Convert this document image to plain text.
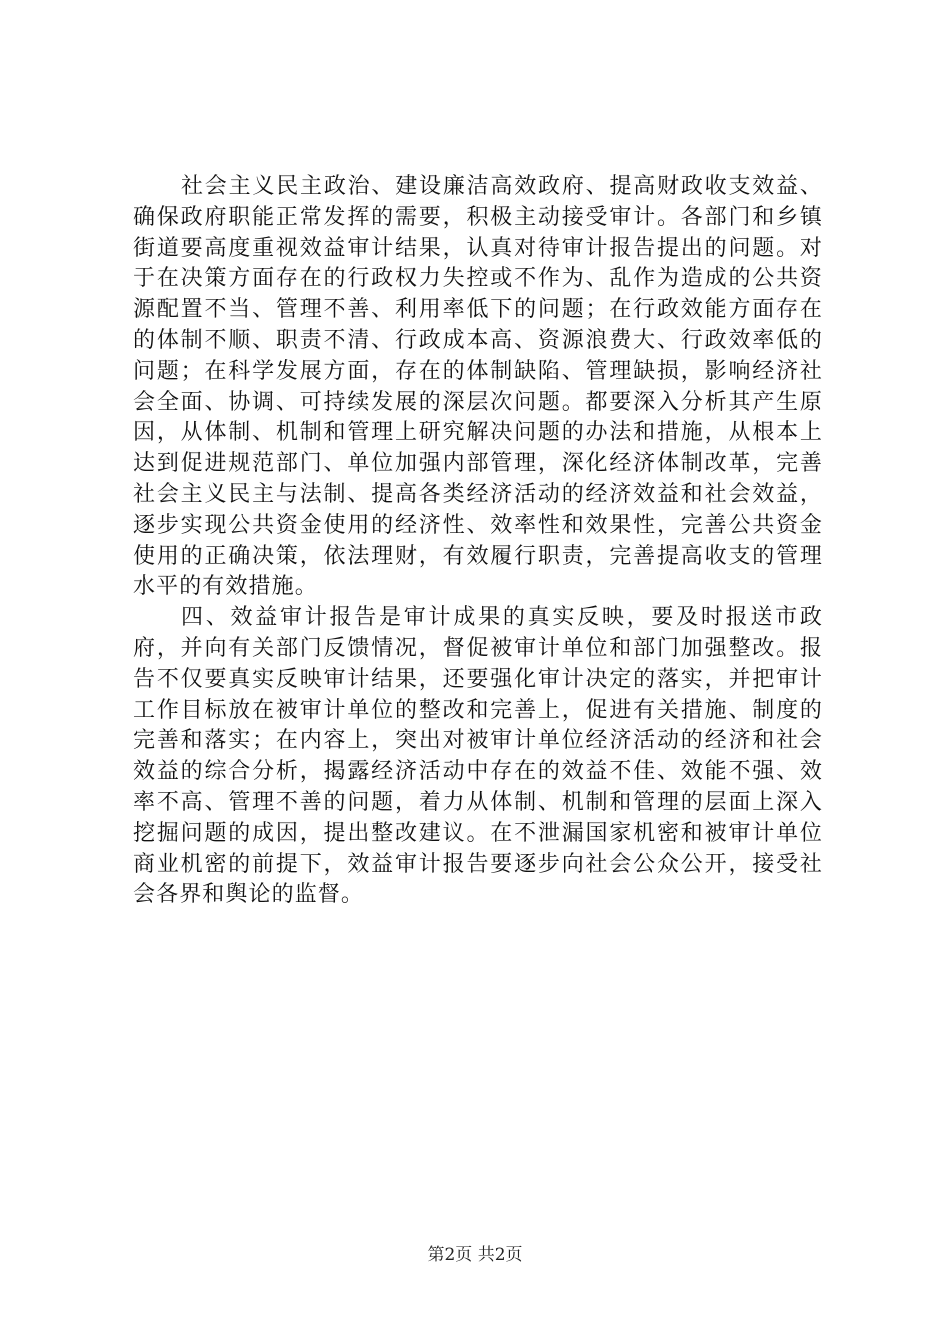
社会主义民主政治、建设廉洁高效政府、提高财政收支效益、确保政府职能正常发挥的需要，积极主动接受审计。各部门和乡镇街道要高度重视效益审计结果，认真对待审计报告提出的问题。对于在决策方面存在的行政权力失控或不作为、乱作为造成的公共资源配置不当、管理不善、利用率低下的问题；在行政效能方面存在的体制不顺、职责不清、行政成本高、资源浪费大、行政效率低的问题；在科学发展方面，存在的体制缺陷、管理缺损，影响经济社会全面、协调、可持续发展的深层次问题。都要深入分析其产生原因，从体制、机制和管理上研究解决问题的办法和措施，从根本上达到促进规范部门、单位加强内部管理，深化经济体制改革，完善社会主义民主与法制、提高各类经济活动的经济效益和社会效益，逐步实现公共资金使用的经济性、效率性和效果性，完善公共资金使用的正确决策，依法理财，有效履行职责，完善提高收支的管理水平的有效措施。

四、效益审计报告是审计成果的真实反映，要及时报送市政府，并向有关部门反馈情况，督促被审计单位和部门加强整改。报告不仅要真实反映审计结果，还要强化审计决定的落实，并把审计工作目标放在被审计单位的整改和完善上，促进有关措施、制度的完善和落实；在内容上，突出对被审计单位经济活动的经济和社会效益的综合分析，揭露经济活动中存在的效益不佳、效能不强、效率不高、管理不善的问题，着力从体制、机制和管理的层面上深入挖掘问题的成因，提出整改建议。在不泄漏国家机密和被审计单位商业机密的前提下，效益审计报告要逐步向社会公众公开，接受社会各界和舆论的监督。

第2页 共2页
